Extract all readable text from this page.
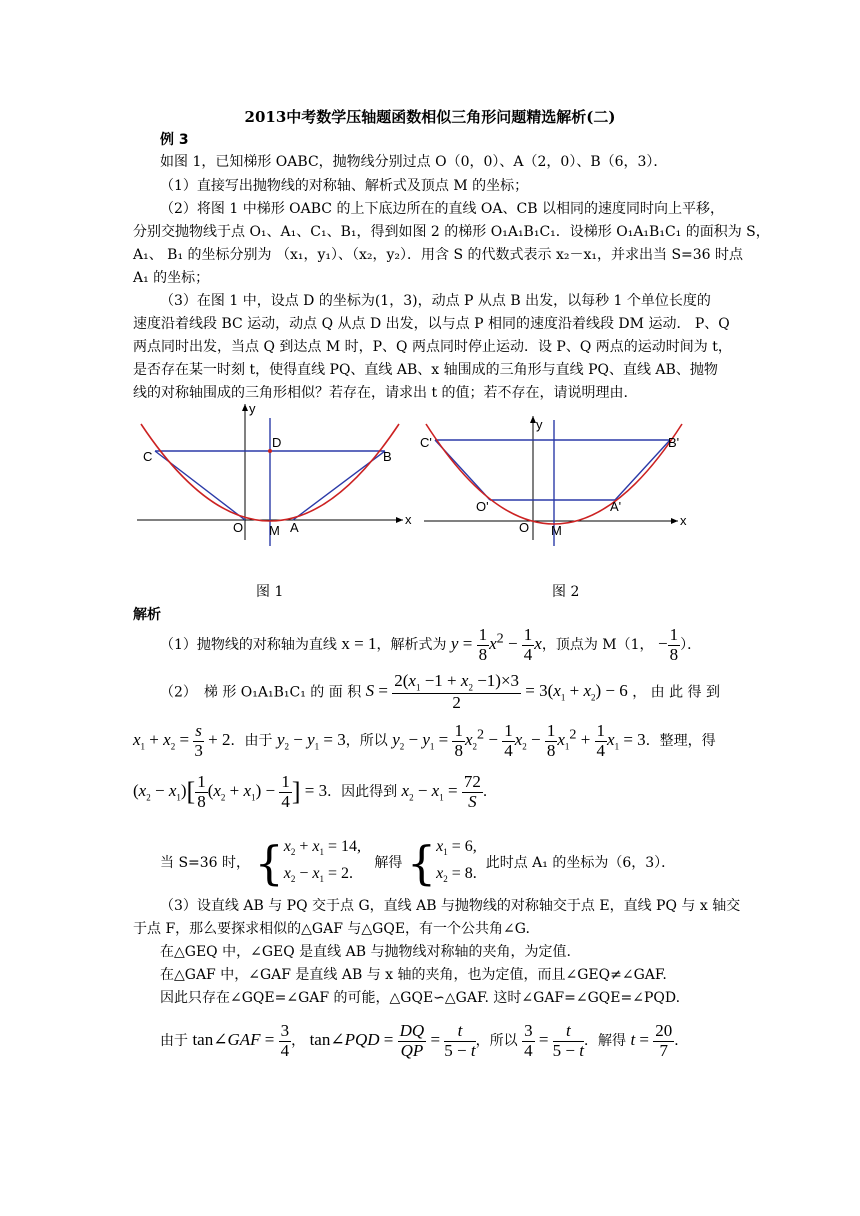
2013中考数学压轴题函数相似三角形问题精选解析(二)
例 3
如图 1，已知梯形 OABC，抛物线分别过点 O（0，0）、A（2，0）、B（6，3）．
（1）直接写出抛物线的对称轴、解析式及顶点 M 的坐标；
（2）将图 1 中梯形 OABC 的上下底边所在的直线 OA、CB 以相同的速度同时向上平移，
分别交抛物线于点 O₁、A₁、C₁、B₁，得到如图 2 的梯形 O₁A₁B₁C₁．设梯形 O₁A₁B₁C₁ 的面积为 S，
A₁、 B₁ 的坐标分别为 （x₁，y₁）、（x₂，y₂）．用含 S 的代数式表示 x₂－x₁，并求出当 S=36 时点
A₁ 的坐标；
（3）在图 1 中，设点 D 的坐标为(1，3)，动点 P 从点 B 出发，以每秒 1 个单位长度的
速度沿着线段 BC 运动，动点 Q 从点 D 出发，以与点 P 相同的速度沿着线段 DM 运动． P、Q
两点同时出发，当点 Q 到达点 M 时，P、Q 两点同时停止运动．设 P、Q 两点的运动时间为 t，
是否存在某一时刻 t，使得直线 PQ、直线 AB、x 轴围成的三角形与直线 PQ、直线 AB、抛物
线的对称轴围成的三角形相似？若存在，请求出 t 的值；若不存在，请说明理由.
y
x
D
C	B
O	A
M
图 1
y
x
C'	B'
O'	A'
O M
图 2
解析
（1）抛物线的对称轴为直线 x = 1，解析式为 $y = \frac{1}{8} x^2 - \frac{1}{4}$ x，顶点为 M（1， − $\frac{1}{8}$ ）．
（2）　梯 形 O₁A₁B₁C₁ 的 面 积 $S = \frac{2(x_1 -1 + x_2 -1)\times 3}{2} = 3(x_1 + x_2) - 6$ ， 由 此 得 到
$x_1 + x_2 = \frac{s}{3} + 2$．由于 $y_2 - y_1 = 3$，所以 $y_2 - y_1 = \frac{1}{8} x_2^2 - \frac{1}{4} x_2 - \frac{1}{8} x_1^2 + \frac{1}{4} x_1 = 3$．整理，得
$(x_2 - x_1)[ \frac{1}{8} (x_2 + x_1) - \frac{1}{4}$ ] = 3．因此得到 $x_2 - x_1 = \frac{72}{S}$ ．
当 S=36 时， { $x_2 + x_1 = 14$,
$x_2 - x_1 = 2$.
解得 { $x_1 = 6$,
$x_2 = 8$.
此时点 A₁ 的坐标为（6，3）．
（3）设直线 AB 与 PQ 交于点 G，直线 AB 与抛物线的对称轴交于点 E，直线 PQ 与 x 轴交
于点 F，那么要探求相似的△GAF 与△GQE，有一个公共角∠G.
在△GEQ 中，∠GEQ 是直线 AB 与抛物线对称轴的夹角，为定值.
在△GAF 中，∠GAF 是直线 AB 与 x 轴的夹角，也为定值，而且∠GEQ≠∠GAF.
因此只存在∠GQE=∠GAF 的可能，△GQE∽△GAF. 这时∠GAF=∠GQE=∠PQD.
由于 tan∠GAF = $\frac{3}{4}$ ， tan∠PQD = $\frac{DQ}{QP} = \frac{t}{5 - t}$ ，所以 $\frac{3}{4} = \frac{t}{5 - t}$ ．解得 $t = \frac{20}{7}$ ．
